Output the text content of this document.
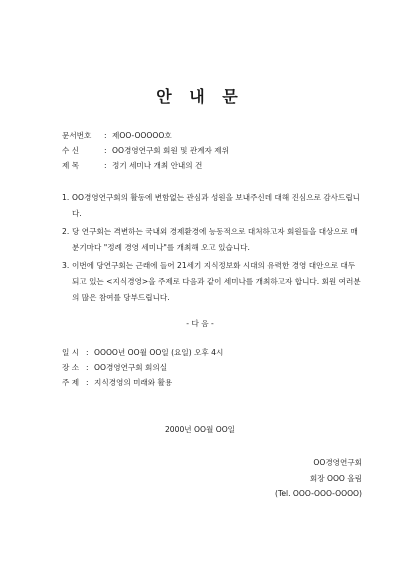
안 내 문
문서번호 : 제OO-OOOOO호
수 신	: OO경영연구회 회원 및 관계자 제위
제 목	: 정기 세미나 개최 안내의 건
1. OO경영연구회의 활동에 변함없는 관심과 성원을 보내주신데 대해 진심으로 감사드립니다.
2. 당 연구회는 격변하는 국내외 경제환경에 능동적으로 대처하고자 회원들을 대상으로 매분기마다 "정례 경영 세미나"를 개최해 오고 있습니다.
3. 이번에 당연구회는 근래에 들어 21세기 지식정보화 시대의 유력한 경영 대안으로 대두되고 있는 <지식경영>을 주제로 다음과 같이 세미나를 개최하고자 합니다. 회원 여러분의 많은 참여를 당부드립니다.
- 다 음 -
일 시 : OOOO년 OO월 OO일 (요일) 오후 4시
장 소 : OO경영연구회 회의실
주 제 : 지식경영의 미래와 활용
2000년 OO월 OO일
OO경영연구회
회장 OOO 올림
(Tel. OOO-OOO-OOOO)
